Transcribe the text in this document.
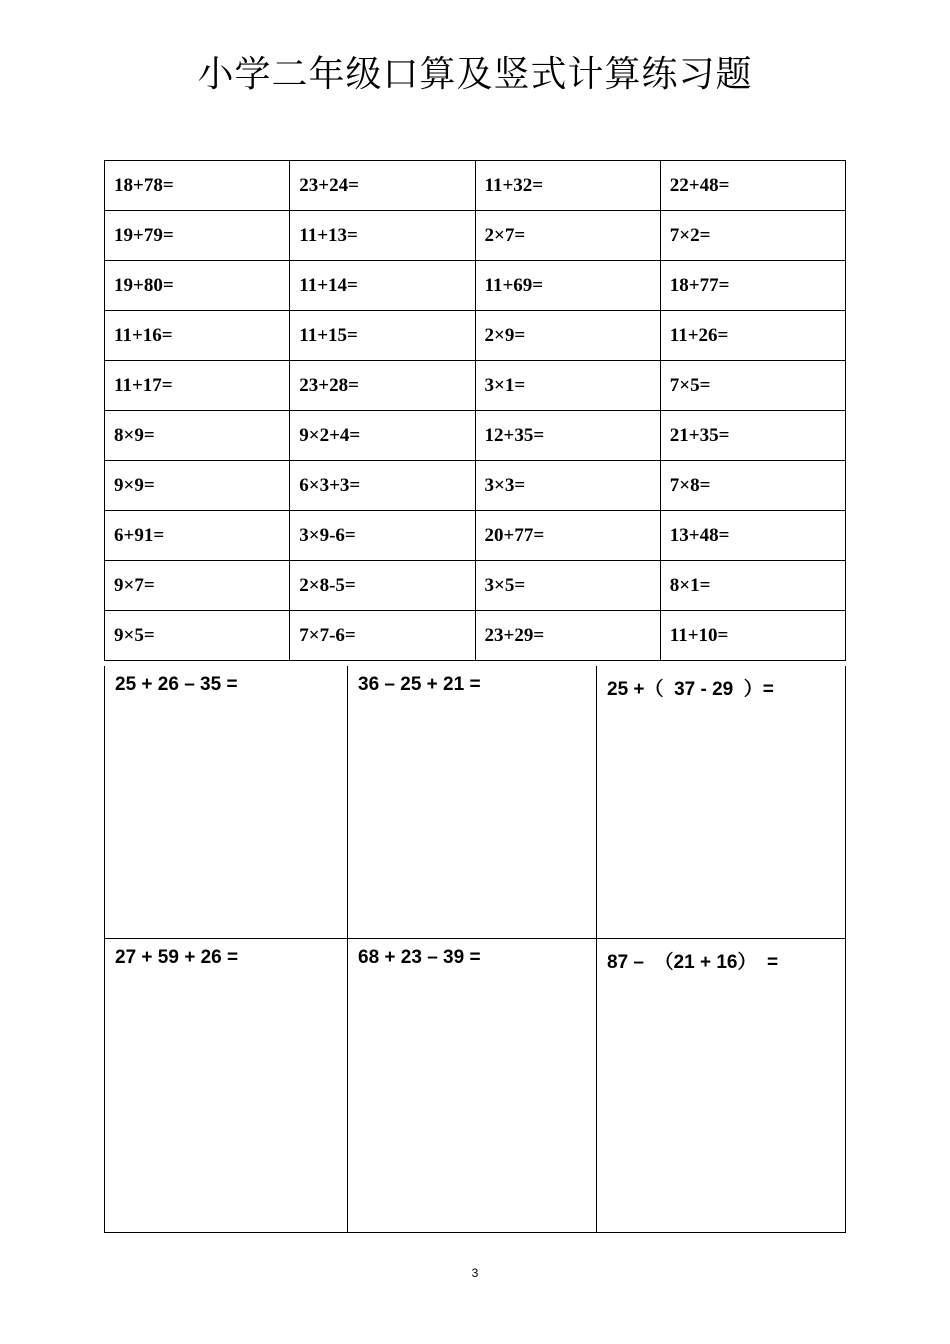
小学二年级口算及竖式计算练习题
18+78=	23+24=	11+32=	22+48=
19+79=	11+13=	2×7=	7×2=
19+80=	11+14=	11+69=	18+77=
11+16=	11+15=	2×9=	11+26=
11+17=	23+28=	3×1=	7×5=
8×9=	9×2+4=	12+35=	21+35=
9×9=	6×3+3=	3×3=	7×8=
6+91=	3×9-6=	20+77=	13+48=
9×7=	2×8-5=	3×5=	8×1=
9×5=	7×7-6=	23+29=	11+10=
25 + 26 – 35 =	36 – 25 + 21 =	25 +（  37 - 29  ）=
27 + 59 + 26 =	68 + 23 – 39 =	87 –  （21 + 16）  =
3
